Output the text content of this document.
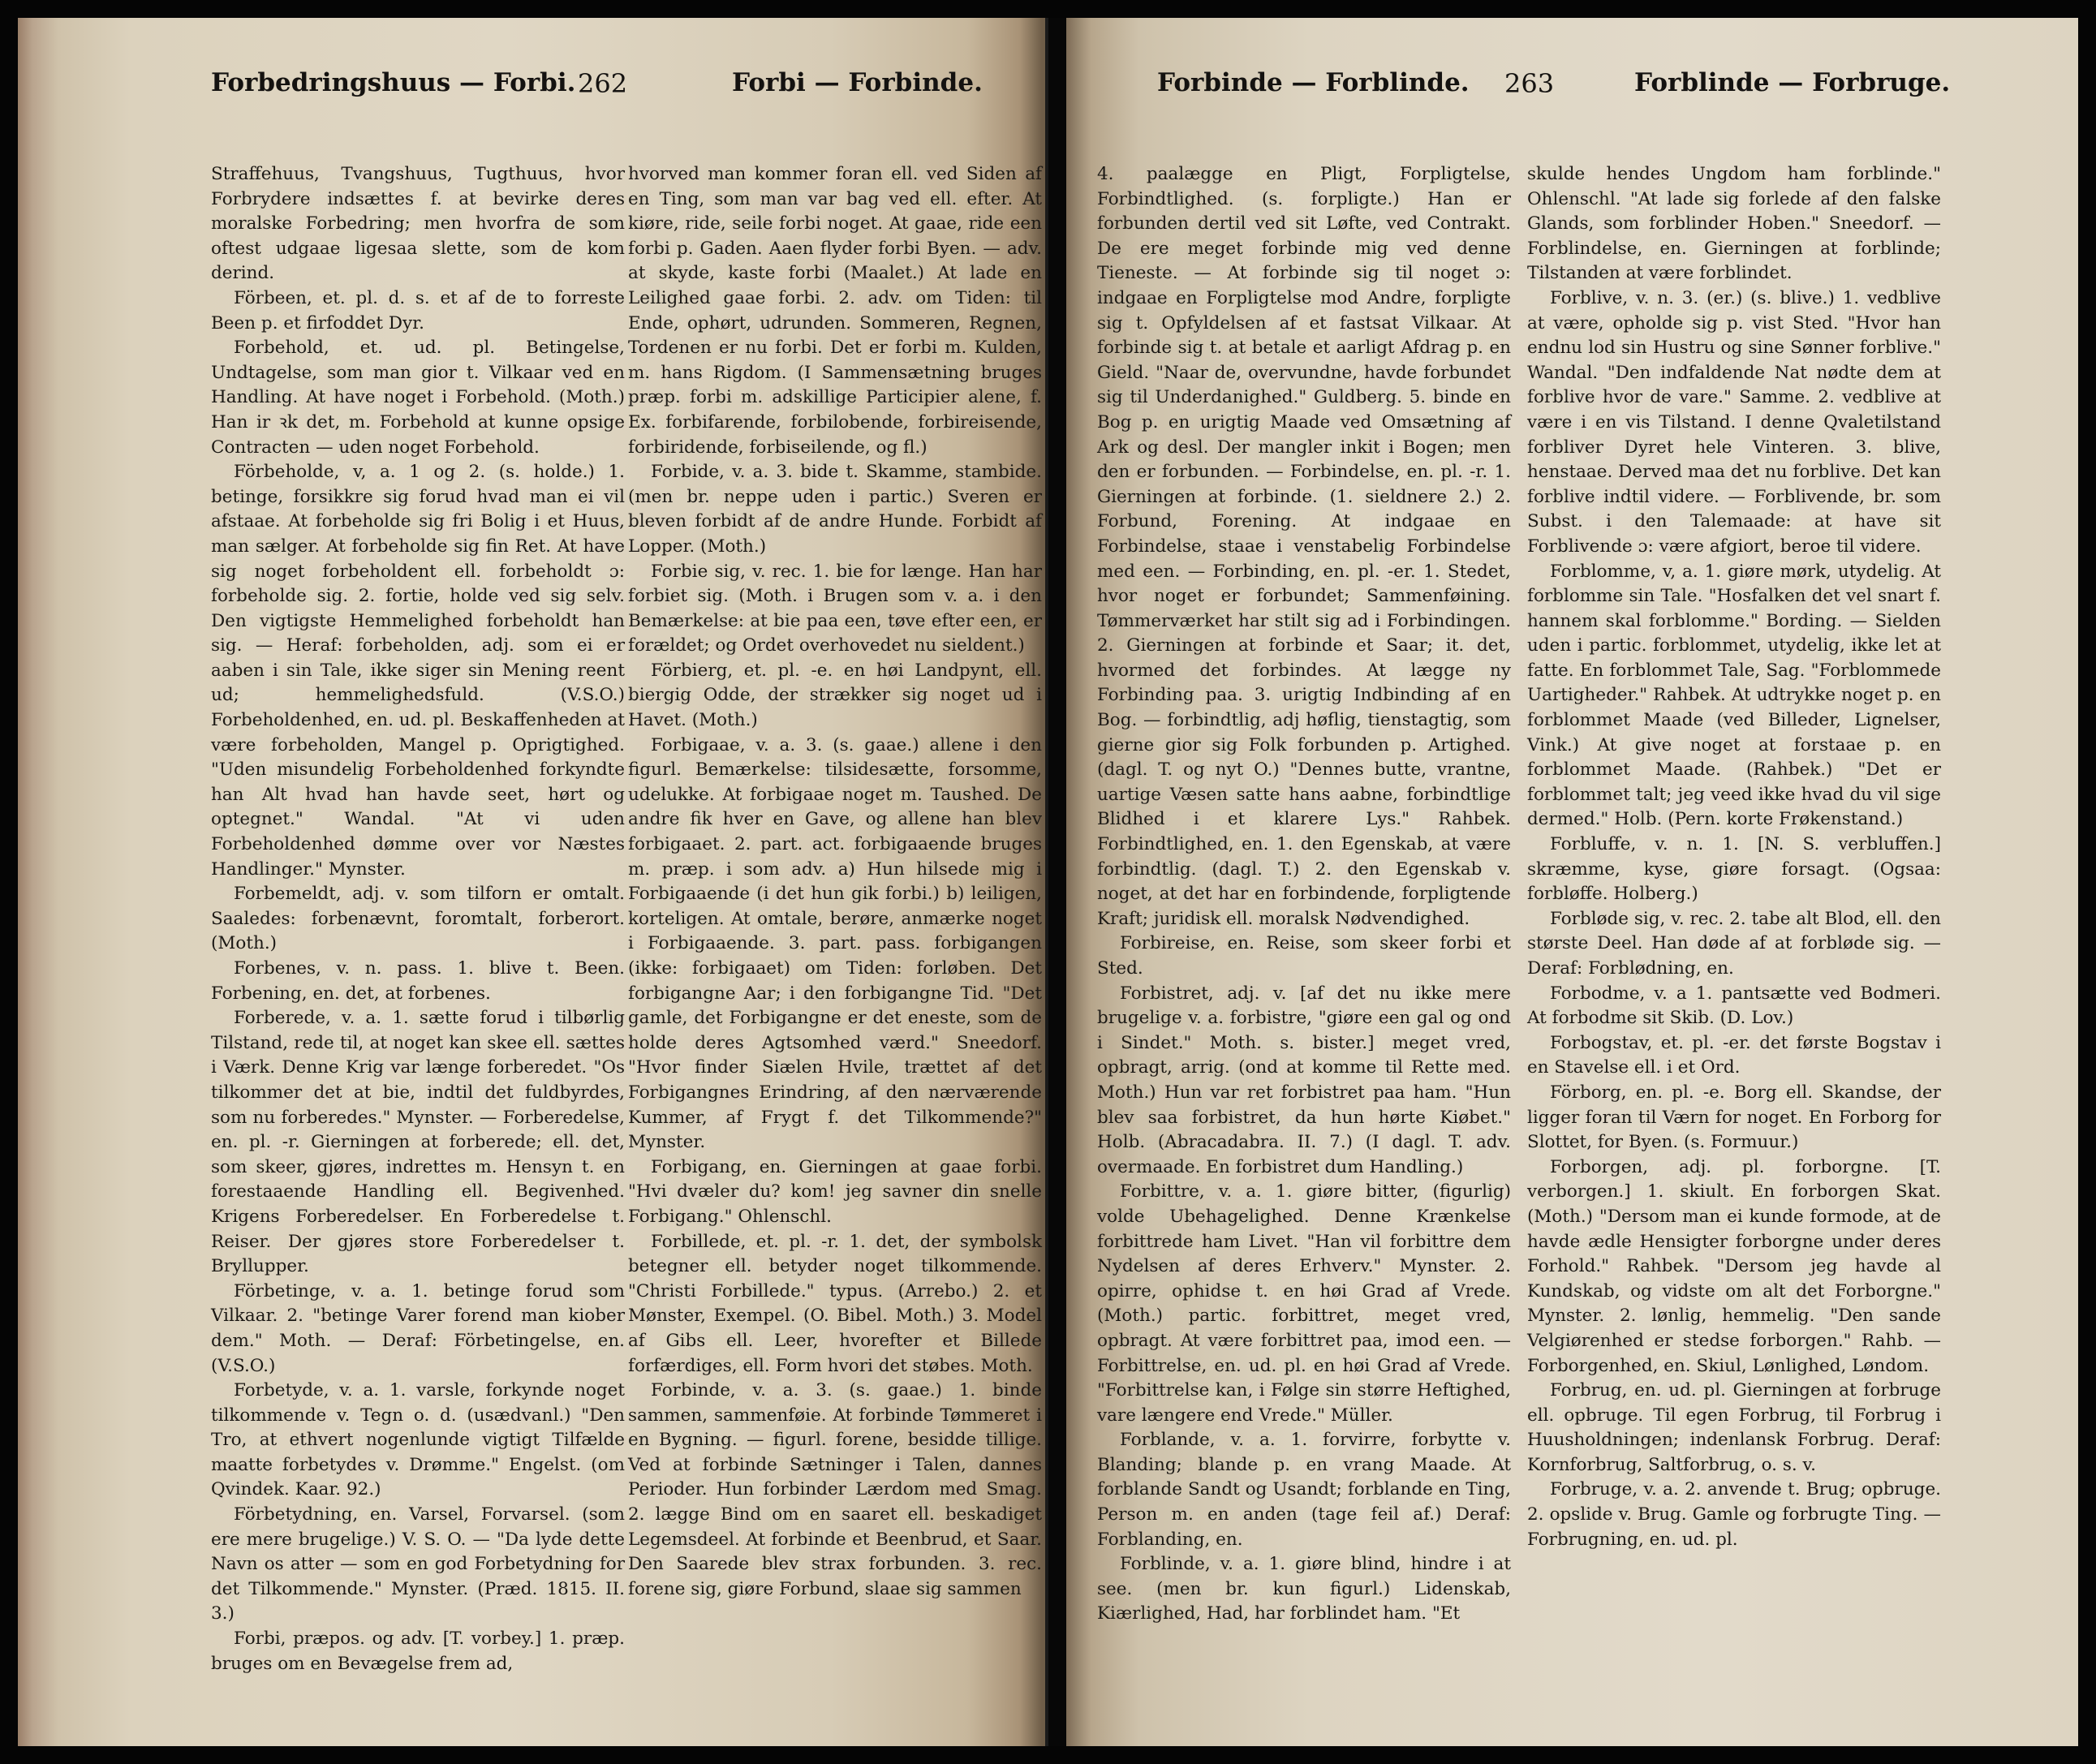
Forbedringshuus — Forbi. 262	Forbi — Forbinde.

Straffehuus, Tvangshuus, Tugthuus, hvor Forbrydere indsættes f. at bevirke deres moralske Forbedring; men hvorfra de som oftest udgaae ligesaa slette, som de kom derind.

Förbeen, et. pl. d. s. et af de to forreste Been p. et firfoddet Dyr.

Forbehold, et. ud. pl. Betingelse, Undtagelse, som man gior t. Vilkaar ved en Handling. At have noget i Forbehold. (Moth.) Han ir ꝛk det, m. Forbehold at kunne opsige Contracten — uden noget Forbehold.

Förbeholde, v, a. 1 og 2. (s. holde.) 1. betinge, forsikkre sig forud hvad man ei vil afstaae. At forbeholde sig fri Bolig i et Huus, man sælger. At forbeholde sig fin Ret. At have sig noget forbeholdent ell. forbeholdt ɔ: forbeholde sig. 2. fortie, holde ved sig selv. Den vigtigste Hemmelighed forbeholdt han sig. — Heraf: forbeholden, adj. som ei er aaben i sin Tale, ikke siger sin Mening reent ud; hemmelighedsfuld. (V.S.O.) Forbeholdenhed, en. ud. pl. Beskaffenheden at være forbeholden, Mangel p. Oprigtighed. "Uden misundelig Forbeholdenhed forkyndte han Alt hvad han havde seet, hørt og optegnet." Wandal. "At vi uden Forbeholdenhed dømme over vor Næstes Handlinger." Mynster.

Forbemeldt, adj. v. som tilforn er omtalt. Saaledes: forbenævnt, foromtalt, forberort. (Moth.)

Forbenes, v. n. pass. 1. blive t. Been. Forbening, en. det, at forbenes.

Forberede, v. a. 1. sætte forud i tilbørlig Tilstand, rede til, at noget kan skee ell. sættes i Værk. Denne Krig var længe forberedet. "Os tilkommer det at bie, indtil det fuldbyrdes, som nu forberedes." Mynster. — Forberedelse, en. pl. -r. Gierningen at forberede; ell. det, som skeer, gjøres, indrettes m. Hensyn t. en forestaaende Handling ell. Begivenhed. Krigens Forberedelser. En Forberedelse t. Reiser. Der gjøres store Forberedelser t. Bryllupper.

Förbetinge, v. a. 1. betinge forud som Vilkaar. 2. "betinge Varer forend man kiober dem." Moth. — Deraf: Förbetingelse, en. (V.S.O.)

Forbetyde, v. a. 1. varsle, forkynde noget tilkommende v. Tegn o. d. (usædvanl.) "Den Tro, at ethvert nogenlunde vigtigt Tilfælde maatte forbetydes v. Drømme." Engelst. (om Qvindek. Kaar. 92.)

Förbetydning, en. Varsel, Forvarsel. (som ere mere brugelige.) V. S. O. — "Da lyde dette Navn os atter — som en god Forbetydning for det Tilkommende." Mynster. (Præd. 1815. II. 3.)

Forbi, præpos. og adv. [T. vorbey.] 1. præp. bruges om en Bevægelse frem ad,

hvorved man kommer foran ell. ved Siden af en Ting, som man var bag ved ell. efter. At kiøre, ride, seile forbi noget. At gaae, ride een forbi p. Gaden. Aaen flyder forbi Byen. — adv. at skyde, kaste forbi (Maalet.) At lade en Leilighed gaae forbi. 2. adv. om Tiden: til Ende, ophørt, udrunden. Sommeren, Regnen, Tordenen er nu forbi. Det er forbi m. Kulden, m. hans Rigdom. (I Sammensætning bruges præp. forbi m. adskillige Participier alene, f. Ex. forbifarende, forbilobende, forbireisende, forbiridende, forbiseilende, og fl.)

Forbide, v. a. 3. bide t. Skamme, stambide. (men br. neppe uden i partic.) Sveren er bleven forbidt af de andre Hunde. Forbidt af Lopper. (Moth.)

Forbie sig, v. rec. 1. bie for længe. Han har forbiet sig. (Moth. i Brugen som v. a. i den Bemærkelse: at bie paa een, tøve efter een, er forældet; og Ordet overhovedet nu sieldent.)

Förbierg, et. pl. -e. en høi Landpynt, ell. biergig Odde, der strækker sig noget ud i Havet. (Moth.)

Forbigaae, v. a. 3. (s. gaae.) allene i den figurl. Bemærkelse: tilsidesætte, forsomme, udelukke. At forbigaae noget m. Taushed. De andre fik hver en Gave, og allene han blev forbigaaet. 2. part. act. forbigaaende bruges m. præp. i som adv. a) Hun hilsede mig i Forbigaaende (i det hun gik forbi.) b) leiligen, korteligen. At omtale, berøre, anmærke noget i Forbigaaende. 3. part. pass. forbigangen (ikke: forbigaaet) om Tiden: forløben. Det forbigangne Aar; i den forbigangne Tid. "Det gamle, det Forbigangne er det eneste, som de holde deres Agtsomhed værd." Sneedorf. "Hvor finder Siælen Hvile, trættet af det Forbigangnes Erindring, af den nærværende Kummer, af Frygt f. det Tilkommende?" Mynster.

Forbigang, en. Gierningen at gaae forbi. "Hvi dvæler du? kom! jeg savner din snelle Forbigang." Ohlenschl.

Forbillede, et. pl. -r. 1. det, der symbolsk betegner ell. betyder noget tilkommende. "Christi Forbillede." typus. (Arrebo.) 2. et Mønster, Exempel. (O. Bibel. Moth.) 3. Model af Gibs ell. Leer, hvorefter et Billede forfærdiges, ell. Form hvori det støbes. Moth.

Forbinde, v. a. 3. (s. gaae.) 1. binde sammen, sammenføie. At forbinde Tømmeret i en Bygning. — figurl. forene, besidde tillige. Ved at forbinde Sætninger i Talen, dannes Perioder. Hun forbinder Lærdom med Smag. 2. lægge Bind om en saaret ell. beskadiget Legemsdeel. At forbinde et Beenbrud, et Saar. Den Saarede blev strax forbunden. 3. rec. forene sig, giøre Forbund, slaae sig sammen

Forbinde — Forblinde. 263	Forblinde — Forbruge.

4. paalægge en Pligt, Forpligtelse, Forbindtlighed. (s. forpligte.) Han er forbunden dertil ved sit Løfte, ved Contrakt. De ere meget forbinde mig ved denne Tieneste. — At forbinde sig til noget ɔ: indgaae en Forpligtelse mod Andre, forpligte sig t. Opfyldelsen af et fastsat Vilkaar. At forbinde sig t. at betale et aarligt Afdrag p. en Gield. "Naar de, overvundne, havde forbundet sig til Underdanighed." Guldberg. 5. binde en Bog p. en urigtig Maade ved Omsætning af Ark og desl. Der mangler inkit i Bogen; men den er forbunden. — Forbindelse, en. pl. -r. 1. Gierningen at forbinde. (1. sieldnere 2.) 2. Forbund, Forening. At indgaae en Forbindelse, staae i venstabelig Forbindelse med een. — Forbinding, en. pl. -er. 1. Stedet, hvor noget er forbundet; Sammenføining. Tømmerværket har stilt sig ad i Forbindingen. 2. Gierningen at forbinde et Saar; it. det, hvormed det forbindes. At lægge ny Forbinding paa. 3. urigtig Indbinding af en Bog. — forbindtlig, adj høflig, tienstagtig, som gierne gior sig Folk forbunden p. Artighed. (dagl. T. og nyt O.) "Dennes butte, vrantne, uartige Væsen satte hans aabne, forbindtlige Blidhed i et klarere Lys." Rahbek. Forbindtlighed, en. 1. den Egenskab, at være forbindtlig. (dagl. T.) 2. den Egenskab v. noget, at det har en forbindende, forpligtende Kraft; juridisk ell. moralsk Nødvendighed.

Forbireise, en. Reise, som skeer forbi et Sted.

Forbistret, adj. v. [af det nu ikke mere brugelige v. a. forbistre, "giøre een gal og ond i Sindet." Moth. s. bister.] meget vred, opbragt, arrig. (ond at komme til Rette med. Moth.) Hun var ret forbistret paa ham. "Hun blev saa forbistret, da hun hørte Kiøbet." Holb. (Abracadabra. II. 7.) (I dagl. T. adv. overmaade. En forbistret dum Handling.)

Forbittre, v. a. 1. giøre bitter, (figurlig) volde Ubehagelighed. Denne Krænkelse forbittrede ham Livet. "Han vil forbittre dem Nydelsen af deres Erhverv." Mynster. 2. opirre, ophidse t. en høi Grad af Vrede. (Moth.) partic. forbittret, meget vred, opbragt. At være forbittret paa, imod een. — Forbittrelse, en. ud. pl. en høi Grad af Vrede. "Forbittrelse kan, i Følge sin større Heftighed, vare længere end Vrede." Müller.

Forblande, v. a. 1. forvirre, forbytte v. Blanding; blande p. en vrang Maade. At forblande Sandt og Usandt; forblande en Ting, Person m. en anden (tage feil af.) Deraf: Forblanding, en.

Forblinde, v. a. 1. giøre blind, hindre i at see. (men br. kun figurl.) Lidenskab, Kiærlighed, Had, har forblindet ham. "Et

skulde hendes Ungdom ham forblinde." Ohlenschl. "At lade sig forlede af den falske Glands, som forblinder Hoben." Sneedorf. — Forblindelse, en. Gierningen at forblinde; Tilstanden at være forblindet.

Forblive, v. n. 3. (er.) (s. blive.) 1. vedblive at være, opholde sig p. vist Sted. "Hvor han endnu lod sin Hustru og sine Sønner forblive." Wandal. "Den indfaldende Nat nødte dem at forblive hvor de vare." Samme. 2. vedblive at være i en vis Tilstand. I denne Qvaletilstand forbliver Dyret hele Vinteren. 3. blive, henstaae. Derved maa det nu forblive. Det kan forblive indtil videre. — Forblivende, br. som Subst. i den Talemaade: at have sit Forblivende ɔ: være afgiort, beroe til videre.

Forblomme, v, a. 1. giøre mørk, utydelig. At forblomme sin Tale. "Hosfalken det vel snart f. hannem skal forblomme." Bording. — Sielden uden i partic. forblommet, utydelig, ikke let at fatte. En forblommet Tale, Sag. "Forblommede Uartigheder." Rahbek. At udtrykke noget p. en forblommet Maade (ved Billeder, Lignelser, Vink.) At give noget at forstaae p. en forblommet Maade. (Rahbek.) "Det er forblommet talt; jeg veed ikke hvad du vil sige dermed." Holb. (Pern. korte Frøkenstand.)

Forbluffe, v. n. 1. [N. S. verbluffen.] skræmme, kyse, giøre forsagt. (Ogsaa: forbløffe. Holberg.)

Forbløde sig, v. rec. 2. tabe alt Blod, ell. den største Deel. Han døde af at forbløde sig. — Deraf: Forblødning, en.

Forbodme, v. a 1. pantsætte ved Bodmeri. At forbodme sit Skib. (D. Lov.)

Forbogstav, et. pl. -er. det første Bogstav i en Stavelse ell. i et Ord.

Förborg, en. pl. -e. Borg ell. Skandse, der ligger foran til Værn for noget. En Forborg for Slottet, for Byen. (s. Formuur.)

Forborgen, adj. pl. forborgne. [T. verborgen.] 1. skiult. En forborgen Skat. (Moth.) "Dersom man ei kunde formode, at de havde ædle Hensigter forborgne under deres Forhold." Rahbek. "Dersom jeg havde al Kundskab, og vidste om alt det Forborgne." Mynster. 2. lønlig, hemmelig. "Den sande Velgiørenhed er stedse forborgen." Rahb. — Forborgenhed, en. Skiul, Lønlighed, Løndom.

Forbrug, en. ud. pl. Gierningen at forbruge ell. opbruge. Til egen Forbrug, til Forbrug i Huusholdningen; indenlansk Forbrug. Deraf: Kornforbrug, Saltforbrug, o. s. v.

Forbruge, v. a. 2. anvende t. Brug; opbruge. 2. opslide v. Brug. Gamle og forbrugte Ting. — Forbrugning, en. ud. pl.
